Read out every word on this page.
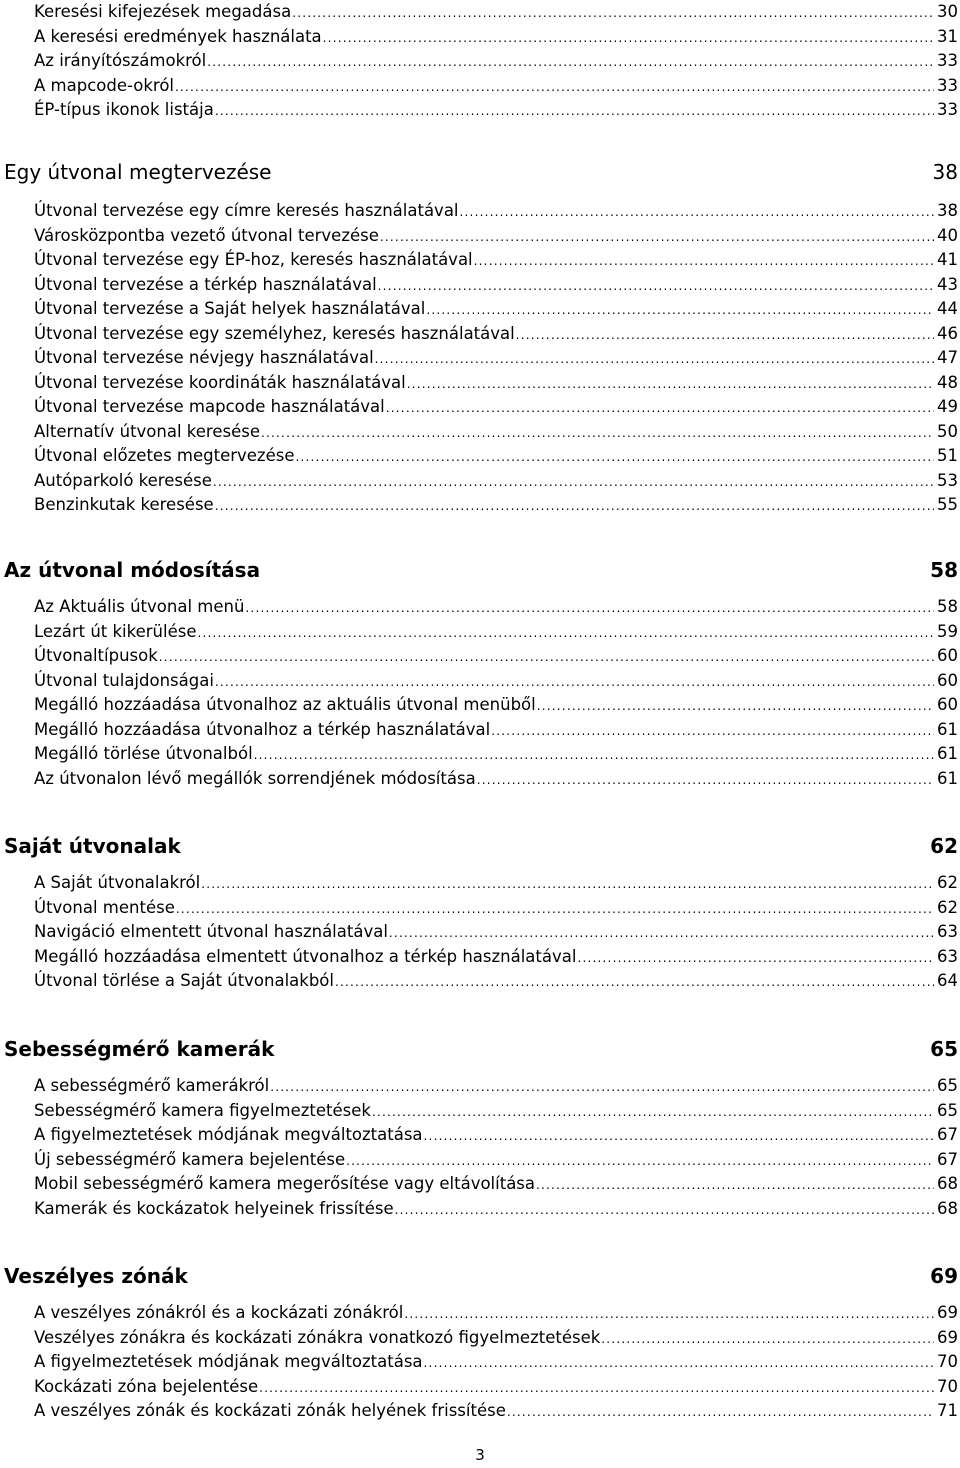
Keresési kifejezések megadása .....	30
A keresési eredmények használata .....	31
Az irányítószámokról .....	33
A mapcode-okról .....	33
ÉP-típus ikonok listája .....	33
Egy útvonal megtervezése	38
Útvonal tervezése egy címre keresés használatával .....	38
Városközpontba vezető útvonal tervezése .....	40
Útvonal tervezése egy ÉP-hoz, keresés használatával .....	41
Útvonal tervezése a térkép használatával .....	43
Útvonal tervezése a Saját helyek használatával .....	44
Útvonal tervezése egy személyhez, keresés használatával .....	46
Útvonal tervezése névjegy használatával .....	47
Útvonal tervezése koordináták használatával .....	48
Útvonal tervezése mapcode használatával .....	49
Alternatív útvonal keresése .....	50
Útvonal előzetes megtervezése .....	51
Autóparkoló keresése .....	53
Benzinkutak keresése .....	55
Az útvonal módosítása	58
Az Aktuális útvonal menü .....	58
Lezárt út kikerülése .....	59
Útvonaltípusok .....	60
Útvonal tulajdonságai .....	60
Megálló hozzáadása útvonalhoz az aktuális útvonal menüből .....	60
Megálló hozzáadása útvonalhoz a térkép használatával .....	61
Megálló törlése útvonalból .....	61
Az útvonalon lévő megállók sorrendjének módosítása .....	61
Saját útvonalak	62
A Saját útvonalakról .....	62
Útvonal mentése .....	62
Navigáció elmentett útvonal használatával .....	63
Megálló hozzáadása elmentett útvonalhoz a térkép használatával .....	63
Útvonal törlése a Saját útvonalakból .....	64
Sebességmérő kamerák	65
A sebességmérő kamerákról .....	65
Sebességmérő kamera figyelmeztetések .....	65
A figyelmeztetések módjának megváltoztatása .....	67
Új sebességmérő kamera bejelentése .....	67
Mobil sebességmérő kamera megerősítése vagy eltávolítása .....	68
Kamerák és kockázatok helyeinek frissítése .....	68
Veszélyes zónák	69
A veszélyes zónákról és a kockázati zónákról .....	69
Veszélyes zónákra és kockázati zónákra vonatkozó figyelmeztetések .....	69
A figyelmeztetések módjának megváltoztatása .....	70
Kockázati zóna bejelentése .....	70
A veszélyes zónák és kockázati zónák helyének frissítése .....	71
3
